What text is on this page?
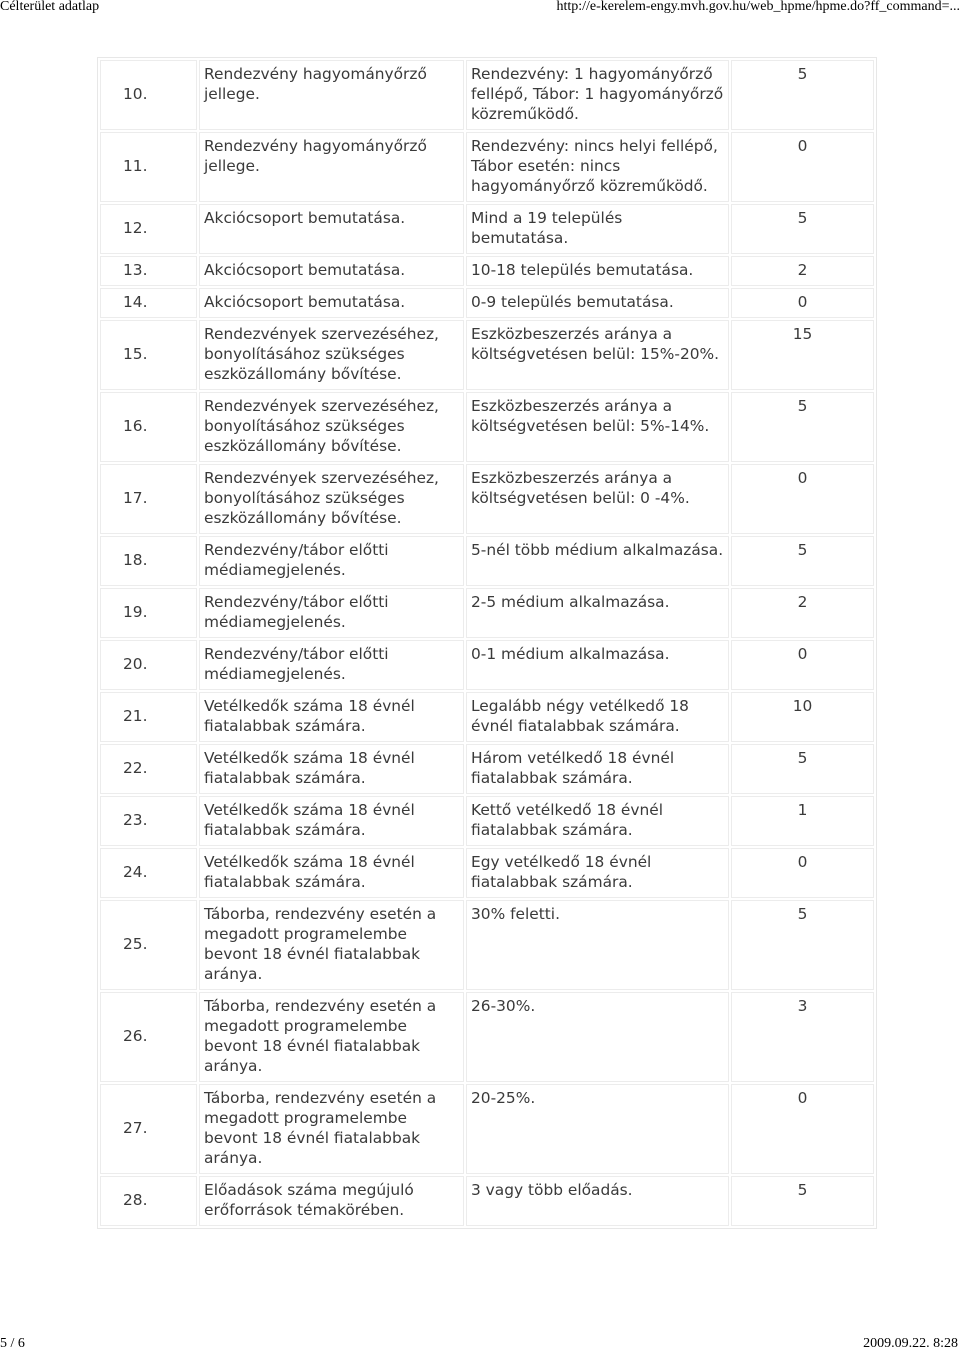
Célterület adatlap	http://e-kerelem-engy.mvh.gov.hu/web_hpme/hpme.do?ff_command=...
10.	Rendezvény hagyományőrző jellege.	Rendezvény: 1 hagyományőrző fellépő, Tábor: 1 hagyományőrző közreműködő.	5
11.	Rendezvény hagyományőrző jellege.	Rendezvény: nincs helyi fellépő, Tábor esetén: nincs hagyományőrző közreműködő.	0
12.	Akciócsoport bemutatása.	Mind a 19 település bemutatása.	5
13.	Akciócsoport bemutatása.	10-18 település bemutatása.	2
14.	Akciócsoport bemutatása.	0-9 település bemutatása.	0
15.	Rendezvények szervezéséhez, bonyolításához szükséges eszközállomány bővítése.	Eszközbeszerzés aránya a költségvetésen belül: 15%-20%.	15
16.	Rendezvények szervezéséhez, bonyolításához szükséges eszközállomány bővítése.	Eszközbeszerzés aránya a költségvetésen belül: 5%-14%.	5
17.	Rendezvények szervezéséhez, bonyolításához szükséges eszközállomány bővítése.	Eszközbeszerzés aránya a költségvetésen belül: 0 -4%.	0
18.	Rendezvény/tábor előtti médiamegjelenés.	5-nél több médium alkalmazása.	5
19.	Rendezvény/tábor előtti médiamegjelenés.	2-5 médium alkalmazása.	2
20.	Rendezvény/tábor előtti médiamegjelenés.	0-1 médium alkalmazása.	0
21.	Vetélkedők száma 18 évnél fiatalabbak számára.	Legalább négy vetélkedő 18 évnél fiatalabbak számára.	10
22.	Vetélkedők száma 18 évnél fiatalabbak számára.	Három vetélkedő 18 évnél fiatalabbak számára.	5
23.	Vetélkedők száma 18 évnél fiatalabbak számára.	Kettő vetélkedő 18 évnél fiatalabbak számára.	1
24.	Vetélkedők száma 18 évnél fiatalabbak számára.	Egy vetélkedő 18 évnél fiatalabbak számára.	0
25.	Táborba, rendezvény esetén a megadott programelembe bevont 18 évnél fiatalabbak aránya.	30% feletti.	5
26.	Táborba, rendezvény esetén a megadott programelembe bevont 18 évnél fiatalabbak aránya.	26-30%.	3
27.	Táborba, rendezvény esetén a megadott programelembe bevont 18 évnél fiatalabbak aránya.	20-25%.	0
28.	Előadások száma megújuló erőforrások témakörében.	3 vagy több előadás.	5
5 / 6	2009.09.22. 8:28
